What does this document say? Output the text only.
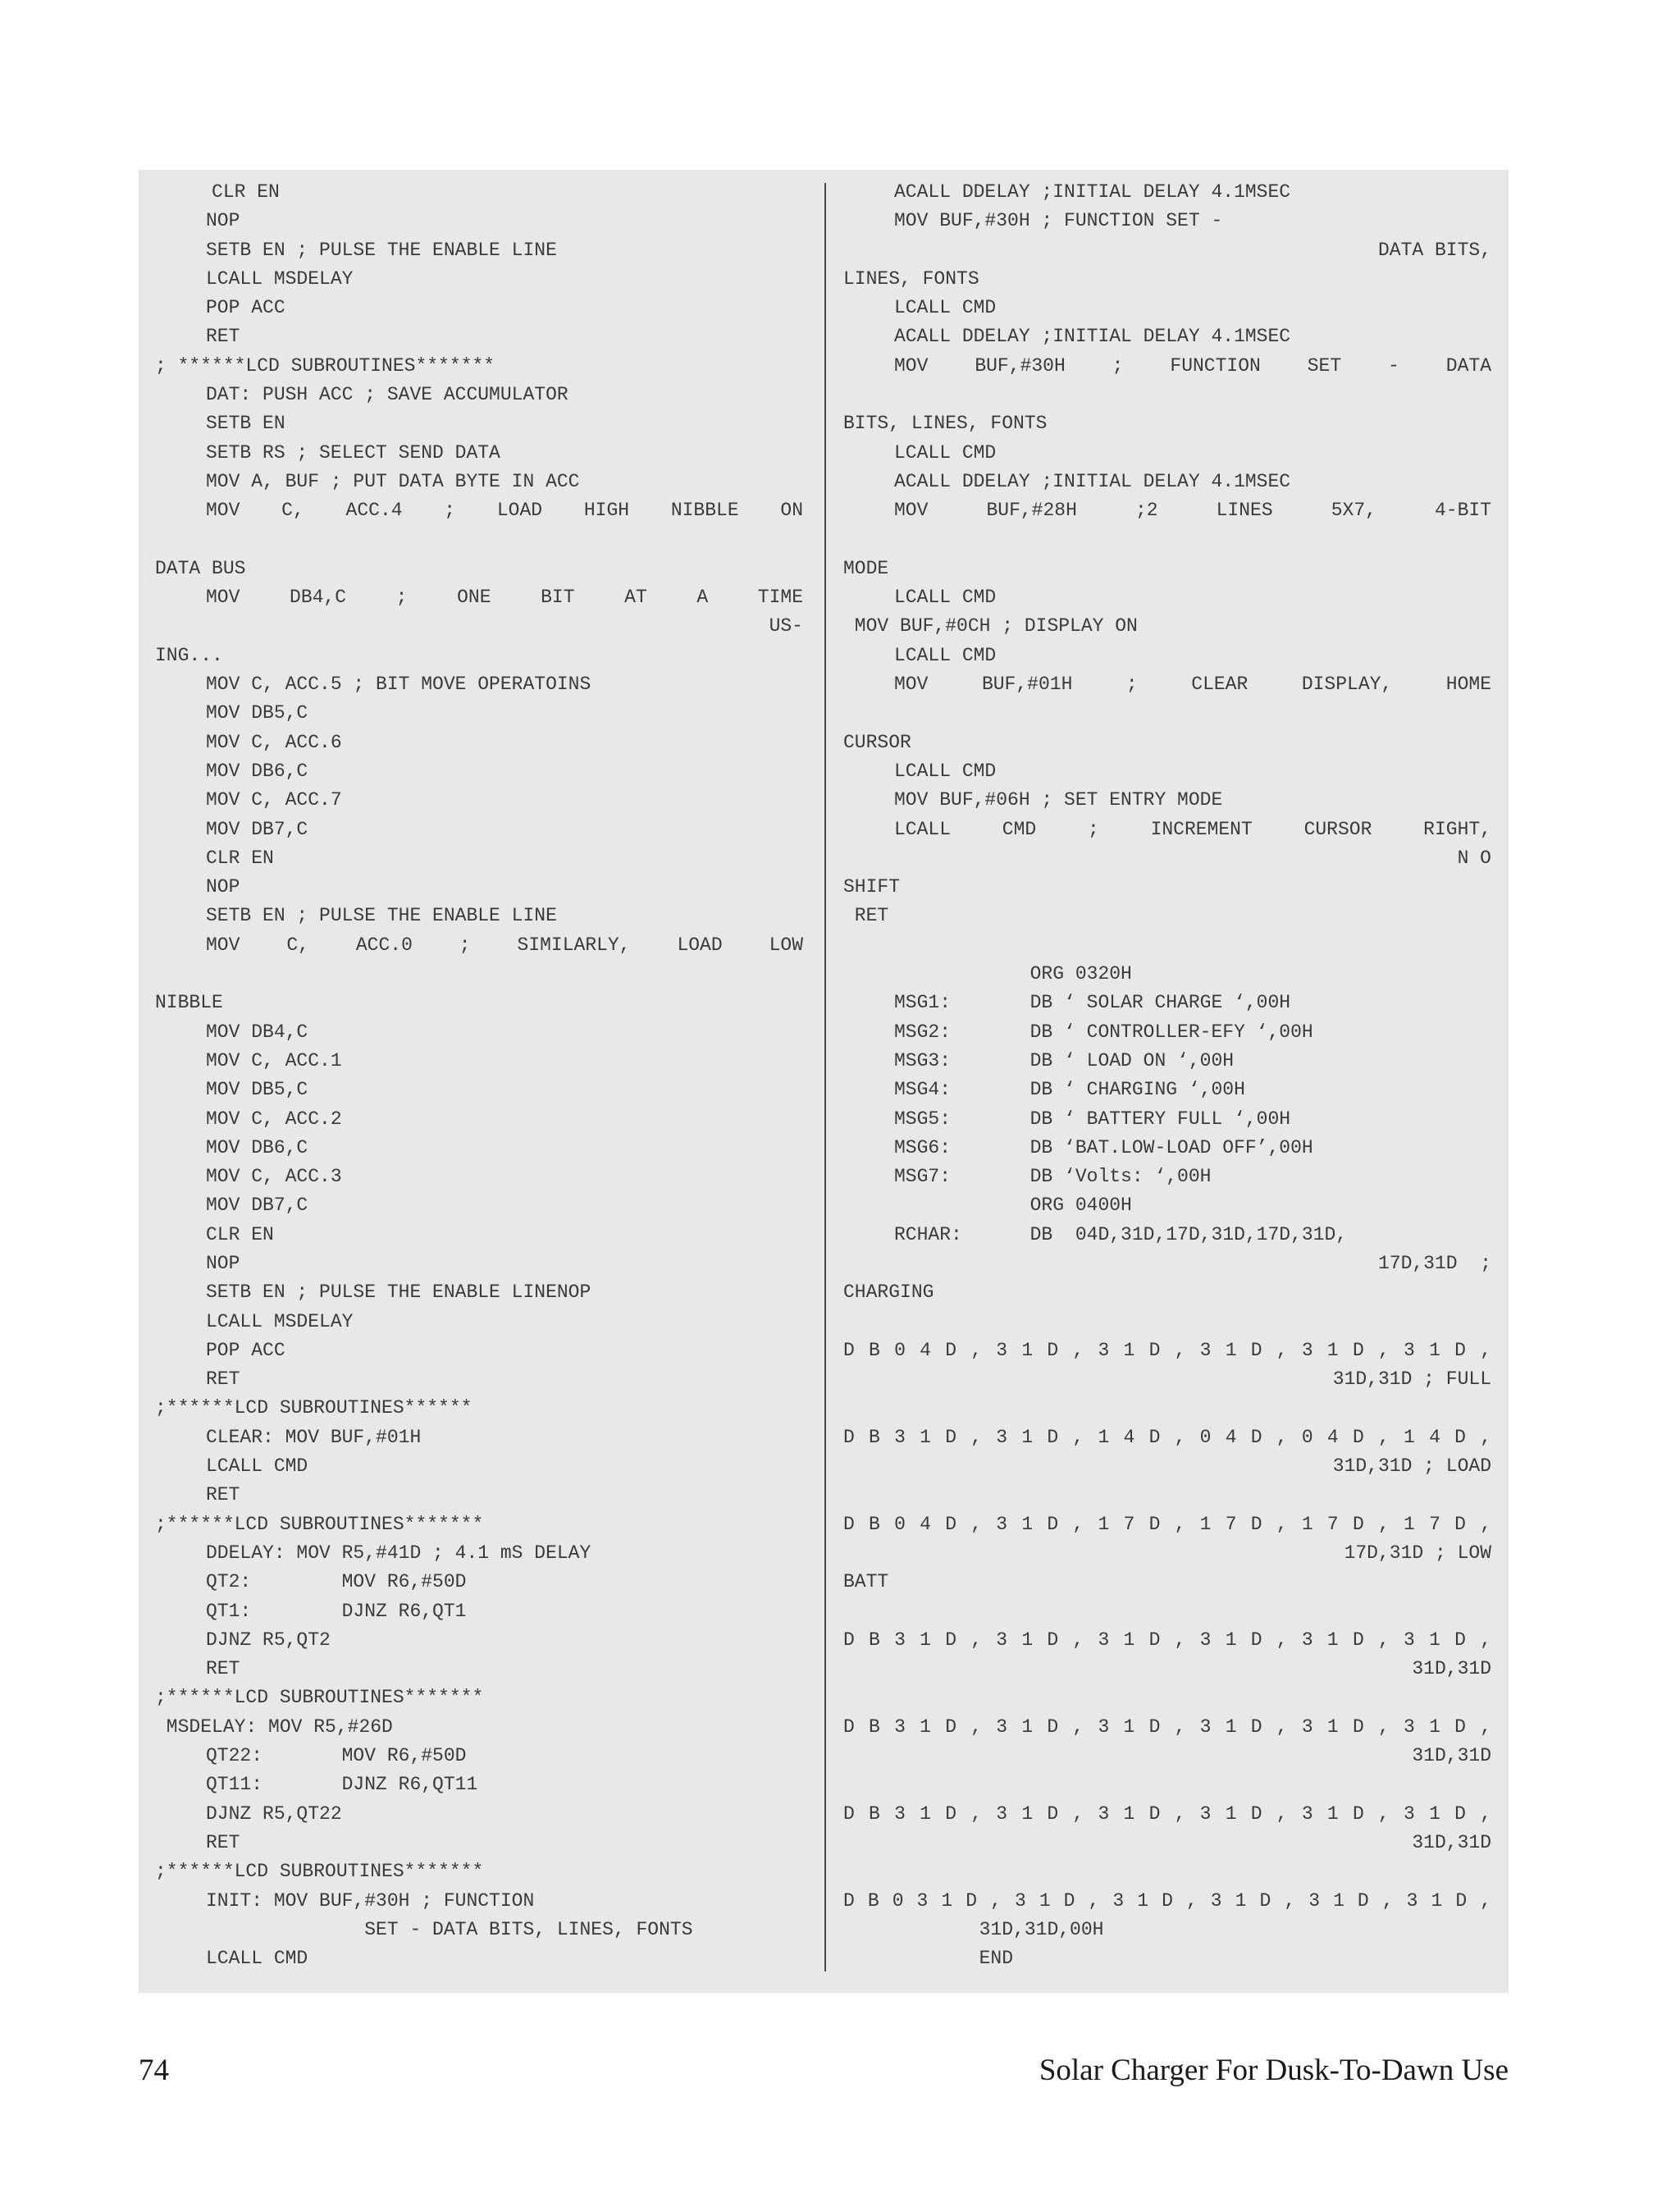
CLR EN
NOP
SETB EN ; PULSE THE ENABLE LINE
LCALL MSDELAY
POP ACC
RET
; ******LCD SUBROUTINES*******
DAT: PUSH ACC ; SAVE ACCUMULATOR
SETB EN
SETB RS ; SELECT SEND DATA
MOV A, BUF ; PUT DATA BYTE IN ACC
MOV C, ACC.4 ; LOAD HIGH NIBBLE ON
DATA BUS
MOV DB4,C ; ONE BIT AT A TIME
US-
ING...
MOV C, ACC.5 ; BIT MOVE OPERATOINS
MOV DB5,C
MOV C, ACC.6
MOV DB6,C
MOV C, ACC.7
MOV DB7,C
CLR EN
NOP
SETB EN ; PULSE THE ENABLE LINE
MOV C, ACC.0 ; SIMILARLY, LOAD LOW
NIBBLE
MOV DB4,C
MOV C, ACC.1
MOV DB5,C
MOV C, ACC.2
MOV DB6,C
MOV C, ACC.3
MOV DB7,C
CLR EN
NOP
SETB EN ; PULSE THE ENABLE LINENOP
LCALL MSDELAY
POP ACC
RET
;******LCD SUBROUTINES******
CLEAR: MOV BUF,#01H
LCALL CMD
RET
;******LCD SUBROUTINES*******
DDELAY: MOV R5,#41D ; 4.1 mS DELAY
QT2:        MOV R6,#50D
QT1:        DJNZ R6,QT1
DJNZ R5,QT2
RET
;******LCD SUBROUTINES*******
MSDELAY: MOV R5,#26D
QT22:       MOV R6,#50D
QT11:       DJNZ R6,QT11
DJNZ R5,QT22
RET
;******LCD SUBROUTINES*******
INIT: MOV BUF,#30H ; FUNCTION
SET - DATA BITS, LINES, FONTS
LCALL CMD
ACALL DDELAY ;INITIAL DELAY 4.1MSEC
MOV BUF,#30H ; FUNCTION SET -
DATA BITS,
LINES, FONTS
LCALL CMD
ACALL DDELAY ;INITIAL DELAY 4.1MSEC
MOV BUF,#30H ; FUNCTION SET - DATA
BITS, LINES, FONTS
LCALL CMD
ACALL DDELAY ;INITIAL DELAY 4.1MSEC
MOV BUF,#28H ;2 LINES 5X7, 4-BIT
MODE
LCALL CMD
MOV BUF,#0CH ; DISPLAY ON
LCALL CMD
MOV BUF,#01H ; CLEAR DISPLAY, HOME
CURSOR
LCALL CMD
MOV BUF,#06H ; SET ENTRY MODE
LCALL CMD ; INCREMENT CURSOR RIGHT,
N O
SHIFT
RET
ORG 0320H
MSG1:       DB ‘ SOLAR CHARGE ‘,00H
MSG2:       DB ‘ CONTROLLER-EFY ‘,00H
MSG3:       DB ‘ LOAD ON ‘,00H
MSG4:       DB ‘ CHARGING ‘,00H
MSG5:       DB ‘ BATTERY FULL ‘,00H
MSG6:       DB ‘BAT.LOW-LOAD OFF’,00H
MSG7:       DB ‘Volts: ‘,00H
ORG 0400H
RCHAR:      DB  04D,31D,17D,31D,17D,31D,
17D,31D  ;
CHARGING
D B 0 4 D , 3 1 D , 3 1 D , 3 1 D , 3 1 D , 3 1 D ,
31D,31D ; FULL
D B 3 1 D , 3 1 D , 1 4 D , 0 4 D , 0 4 D , 1 4 D ,
31D,31D ; LOAD
D B 0 4 D , 3 1 D , 1 7 D , 1 7 D , 1 7 D , 1 7 D ,
17D,31D ; LOW
BATT
D B 3 1 D , 3 1 D , 3 1 D , 3 1 D , 3 1 D , 3 1 D ,
31D,31D
D B 3 1 D , 3 1 D , 3 1 D , 3 1 D , 3 1 D , 3 1 D ,
31D,31D
D B 3 1 D , 3 1 D , 3 1 D , 3 1 D , 3 1 D , 3 1 D ,
31D,31D
D B 0 3 1 D , 3 1 D , 3 1 D , 3 1 D , 3 1 D , 3 1 D ,
31D,31D,00H
END
74	Solar Charger For Dusk-To-Dawn Use
